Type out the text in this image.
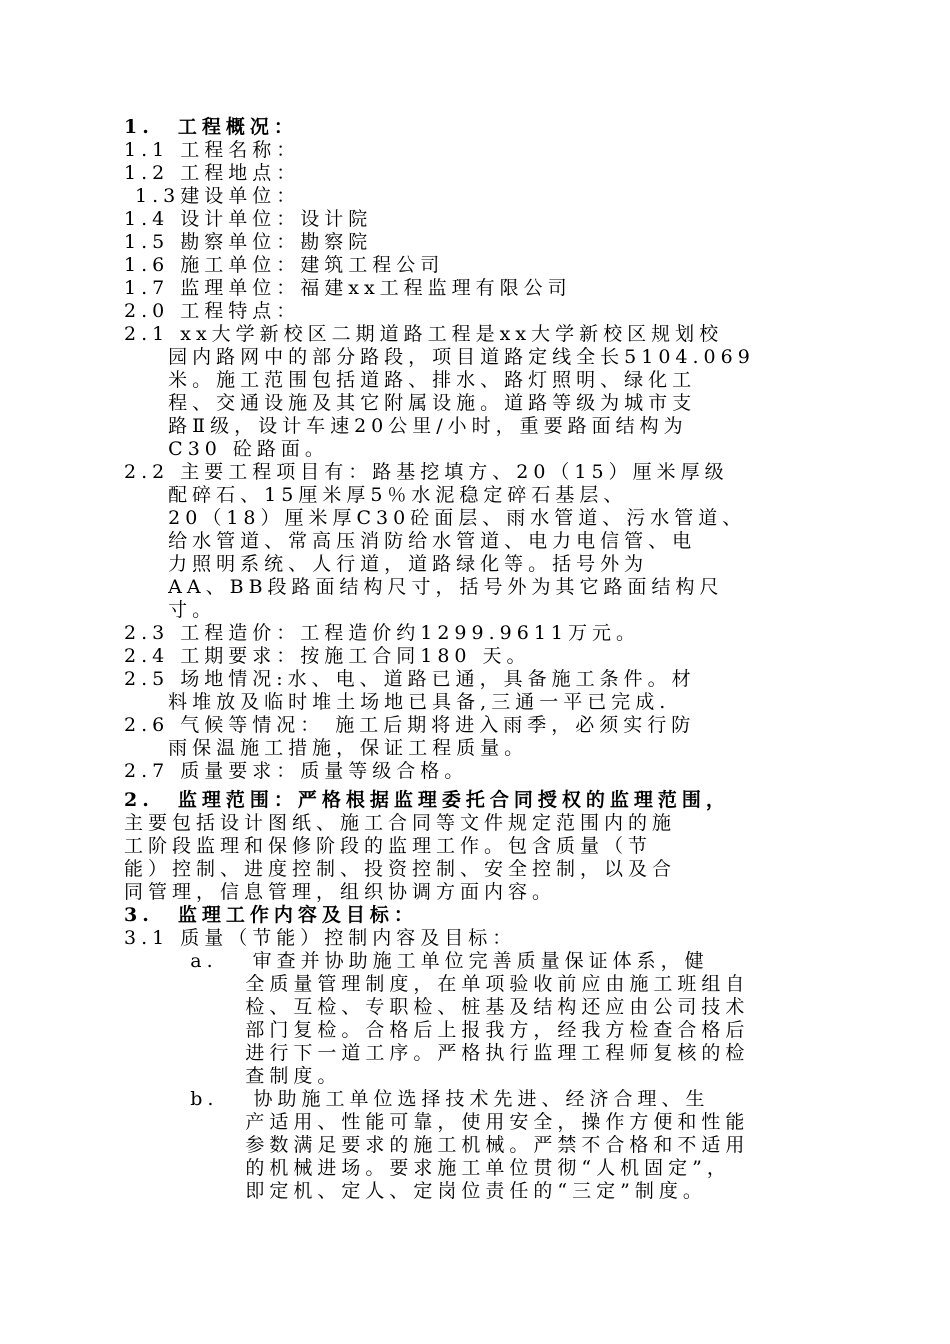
1.　工程概况：
1.1 工程名称：
1.2 工程地点：
1.3建设单位：
1.4 设计单位：设计院
1.5 勘察单位：勘察院
1.6 施工单位：建筑工程公司
1.7 监理单位：福建xx工程监理有限公司
2.0 工程特点：
2.1 xx大学新校区二期道路工程是xx大学新校区规划校
园内路网中的部分路段，项目道路定线全长5104.069
米。施工范围包括道路、排水、路灯照明、绿化工
程、交通设施及其它附属设施。道路等级为城市支
路Ⅱ级，设计车速20公里/小时，重要路面结构为
C30 砼路面。
2.2 主要工程项目有：路基挖填方、20（15）厘米厚级
配碎石、15厘米厚5％水泥稳定碎石基层、
20（18）厘米厚C30砼面层、雨水管道、污水管道、
给水管道、常高压消防给水管道、电力电信管、电
力照明系统、人行道，道路绿化等。括号外为
AA、BB段路面结构尺寸，括号外为其它路面结构尺
寸。
2.3 工程造价：工程造价约1299.9611万元。
2.4 工期要求：按施工合同180 天。
2.5 场地情况:水、电、道路已通，具备施工条件。材
料堆放及临时堆土场地已具备,三通一平已完成.
2.6 气候等情况： 施工后期将进入雨季，必须实行防
雨保温施工措施，保证工程质量。
2.7 质量要求：质量等级合格。
2.　监理范围：严格根据监理委托合同授权的监理范围，
主要包括设计图纸、施工合同等文件规定范围内的施
工阶段监理和保修阶段的监理工作。包含质量（节
能）控制、进度控制、投资控制、安全控制，以及合
同管理，信息管理，组织协调方面内容。
3.　监理工作内容及目标：
3.1 质量（节能）控制内容及目标：
a.　 审查并协助施工单位完善质量保证体系，健
全质量管理制度，在单项验收前应由施工班组自
检、互检、专职检、桩基及结构还应由公司技术
部门复检。合格后上报我方，经我方检查合格后
进行下一道工序。严格执行监理工程师复核的检
查制度。
b.　 协助施工单位选择技术先进、经济合理、生
产适用、性能可靠，使用安全，操作方便和性能
参数满足要求的施工机械。严禁不合格和不适用
的机械进场。要求施工单位贯彻“人机固定”，
即定机、定人、定岗位责任的“三定”制度。
